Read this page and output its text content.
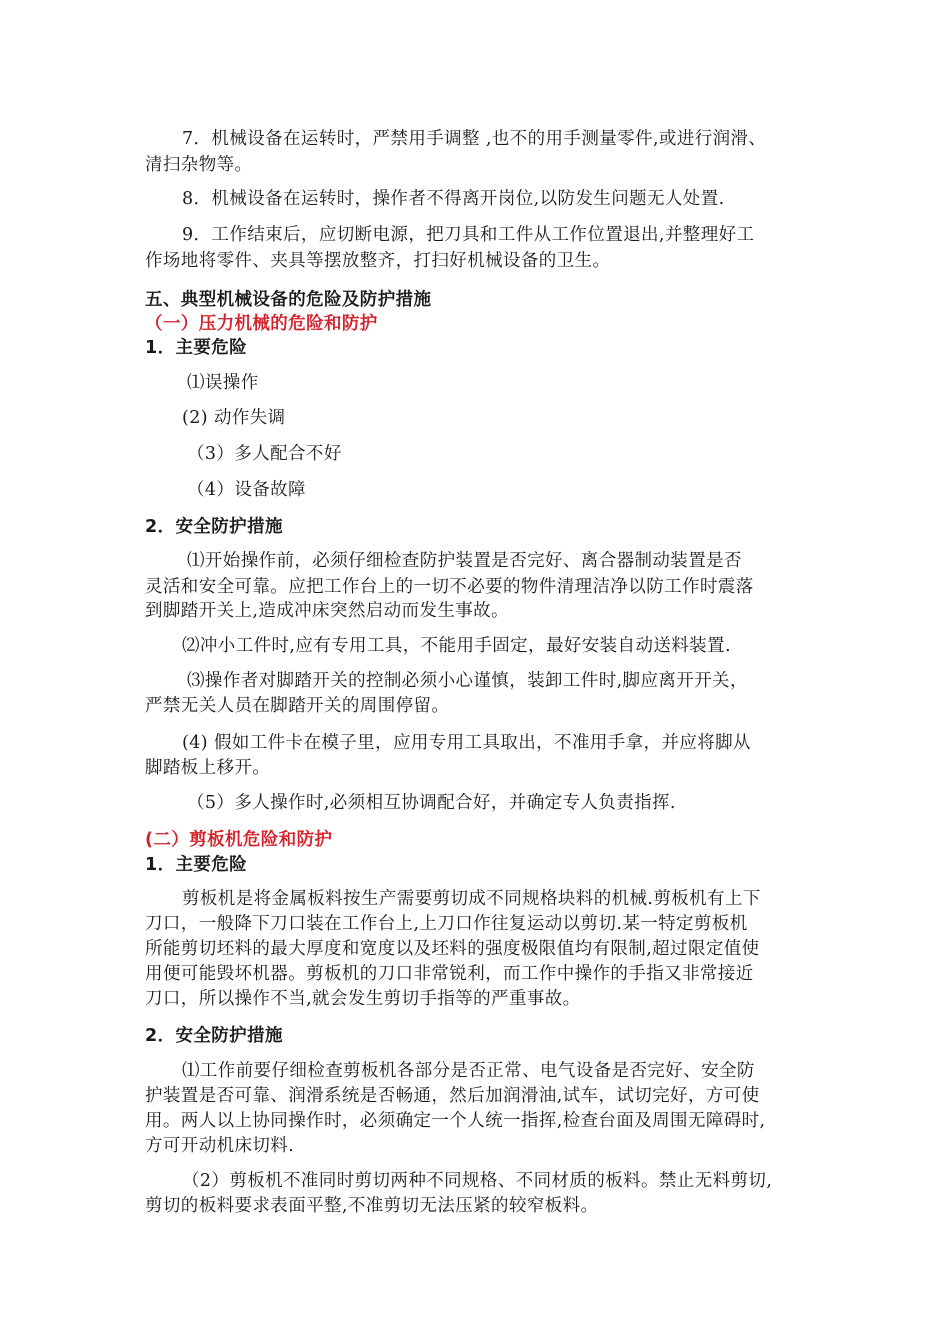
7．机械设备在运转时，严禁用手调整 ,也不的用手测量零件,或进行润滑、
清扫杂物等。
8．机械设备在运转时，操作者不得离开岗位,以防发生问题无人处置.
9．工作结束后，应切断电源，把刀具和工件从工作位置退出,并整理好工
作场地将零件、夹具等摆放整齐，打扫好机械设备的卫生。
五、典型机械设备的危险及防护措施
（一）压力机械的危险和防护
1．主要危险
⑴误操作
(2) 动作失调
（3）多人配合不好
（4）设备故障
2．安全防护措施
⑴开始操作前，必须仔细检查防护装置是否完好、离合器制动装置是否
灵活和安全可靠。应把工作台上的一切不必要的物件清理洁净以防工作时震落
到脚踏开关上,造成冲床突然启动而发生事故。
⑵冲小工件时,应有专用工具，不能用手固定，最好安装自动送料装置.
⑶操作者对脚踏开关的控制必须小心谨慎，装卸工件时,脚应离开开关，
严禁无关人员在脚踏开关的周围停留。
(4) 假如工件卡在模子里，应用专用工具取出，不准用手拿，并应将脚从
脚踏板上移开。
（5）多人操作时,必须相互协调配合好，并确定专人负责指挥.
(二）剪板机危险和防护
1．主要危险
剪板机是将金属板料按生产需要剪切成不同规格块料的机械.剪板机有上下
刀口，一般降下刀口装在工作台上,上刀口作往复运动以剪切.某一特定剪板机
所能剪切坯料的最大厚度和宽度以及坯料的强度极限值均有限制,超过限定值使
用便可能毁坏机器。剪板机的刀口非常锐利，而工作中操作的手指又非常接近
刀口，所以操作不当,就会发生剪切手指等的严重事故。
2．安全防护措施
⑴工作前要仔细检查剪板机各部分是否正常、电气设备是否完好、安全防
护装置是否可靠、润滑系统是否畅通，然后加润滑油,试车，试切完好，方可使
用。两人以上协同操作时，必须确定一个人统一指挥,检查台面及周围无障碍时,
方可开动机床切料.
（2）剪板机不准同时剪切两种不同规格、不同材质的板料。禁止无料剪切,
剪切的板料要求表面平整,不准剪切无法压紧的较窄板料。
